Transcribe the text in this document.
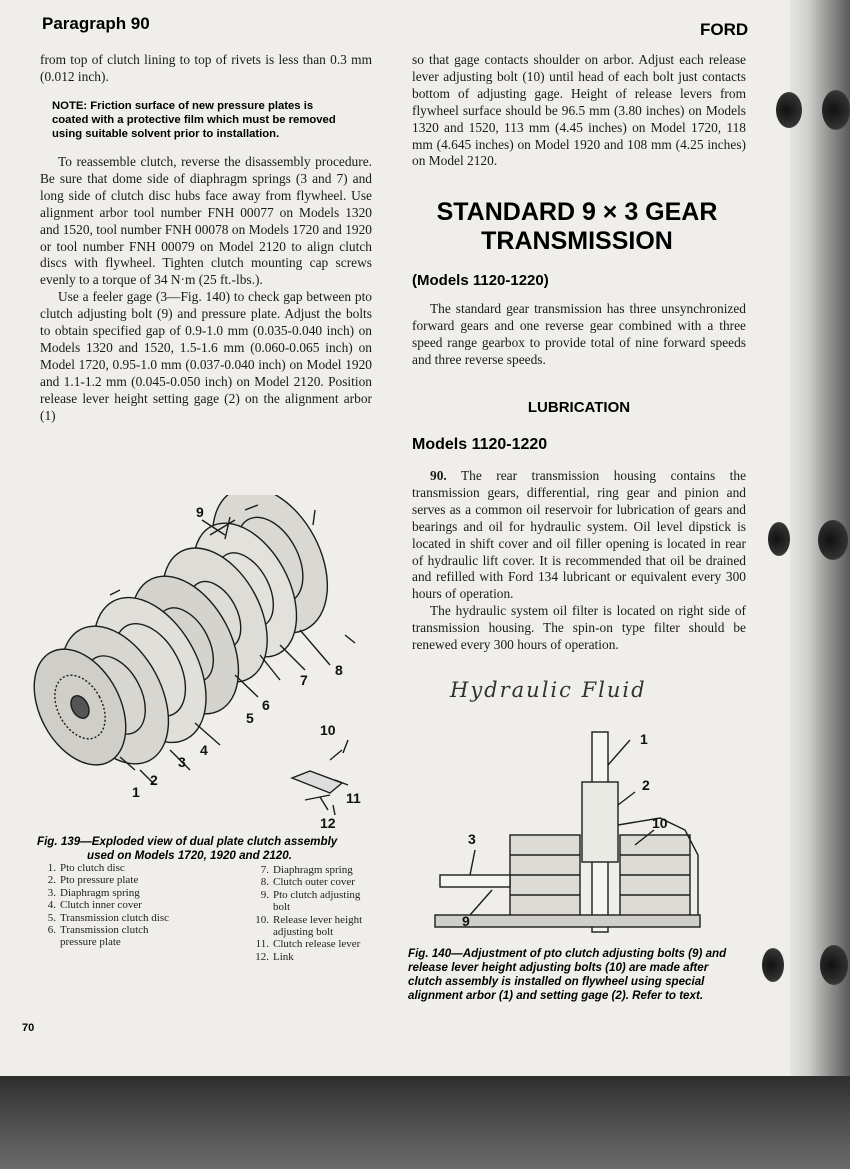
Paragraph 90	FORD
from top of clutch lining to top of rivets is less than 0.3 mm (0.012 inch).
NOTE: Friction surface of new pressure plates is coated with a protective film which must be removed using suitable solvent prior to installation.

To reassemble clutch, reverse the disassembly procedure. Be sure that dome side of diaphragm springs (3 and 7) and long side of clutch disc hubs face away from flywheel. Use alignment arbor tool number FNH 00077 on Models 1320 and 1520, tool number FNH 00078 on Models 1720 and 1920 or tool number FNH 00079 on Model 2120 to align clutch discs with flywheel. Tighten clutch mounting cap screws evenly to a torque of 34 N·m (25 ft.-lbs.).

Use a feeler gage (3—Fig. 140) to check gap between pto clutch adjusting bolt (9) and pressure plate. Adjust the bolts to obtain specified gap of 0.9-1.0 mm (0.035-0.040 inch) on Models 1320 and 1520, 1.5-1.6 mm (0.060-0.065 inch) on Model 1720, 0.95-1.0 mm (0.037-0.040 inch) on Model 1920 and 1.1-1.2 mm (0.045-0.050 inch) on Model 2120. Position release lever height setting gage (2) on the alignment arbor (1)

1
2
3
4
5
6
7
8
9
10
11
12
Fig. 139—Exploded view of dual plate clutch assembly
used on Models 1720, 1920 and 2120.
1. Pto clutch disc
2. Pto pressure plate
3. Diaphragm spring
4. Clutch inner cover
5. Transmission clutch disc
6. Transmission clutch pressure plate
7. Diaphragm spring
8. Clutch outer cover
9. Pto clutch adjusting bolt
10. Release lever height adjusting bolt
11. Clutch release lever
12. Link
70
so that gage contacts shoulder on arbor. Adjust each release lever adjusting bolt (10) until head of each bolt just contacts bottom of adjusting gage. Height of release levers from flywheel surface should be 96.5 mm (3.80 inches) on Models 1320 and 1520, 113 mm (4.45 inches) on Model 1720, 118 mm (4.645 inches) on Model 1920 and 108 mm (4.25 inches) on Model 2120.
STANDARD 9 × 3 GEAR TRANSMISSION
(Models 1120-1220)

The standard gear transmission has three unsynchronized forward gears and one reverse gear combined with a three speed range gearbox to provide total of nine forward speeds and three reverse speeds.

LUBRICATION
Models 1120-1220

90. The rear transmission housing contains the transmission gears, differential, ring gear and pinion and serves as a common oil reservoir for lubrication of gears and bearings and oil for hydraulic system. Oil level dipstick is located in shift cover and oil filler opening is located in rear of hydraulic lift cover. It is recommended that oil be drained and refilled with Ford 134 lubricant or equivalent every 300 hours of operation.

The hydraulic system oil filter is located on right side of transmission housing. The spin-on type filter should be renewed every 300 hours of operation.

Hydraulic Fluid
1
2
3
9
10
Fig. 140—Adjustment of pto clutch adjusting bolts (9) and release lever height adjusting bolts (10) are made after clutch assembly is installed on flywheel using special alignment arbor (1) and setting gage (2). Refer to text.
